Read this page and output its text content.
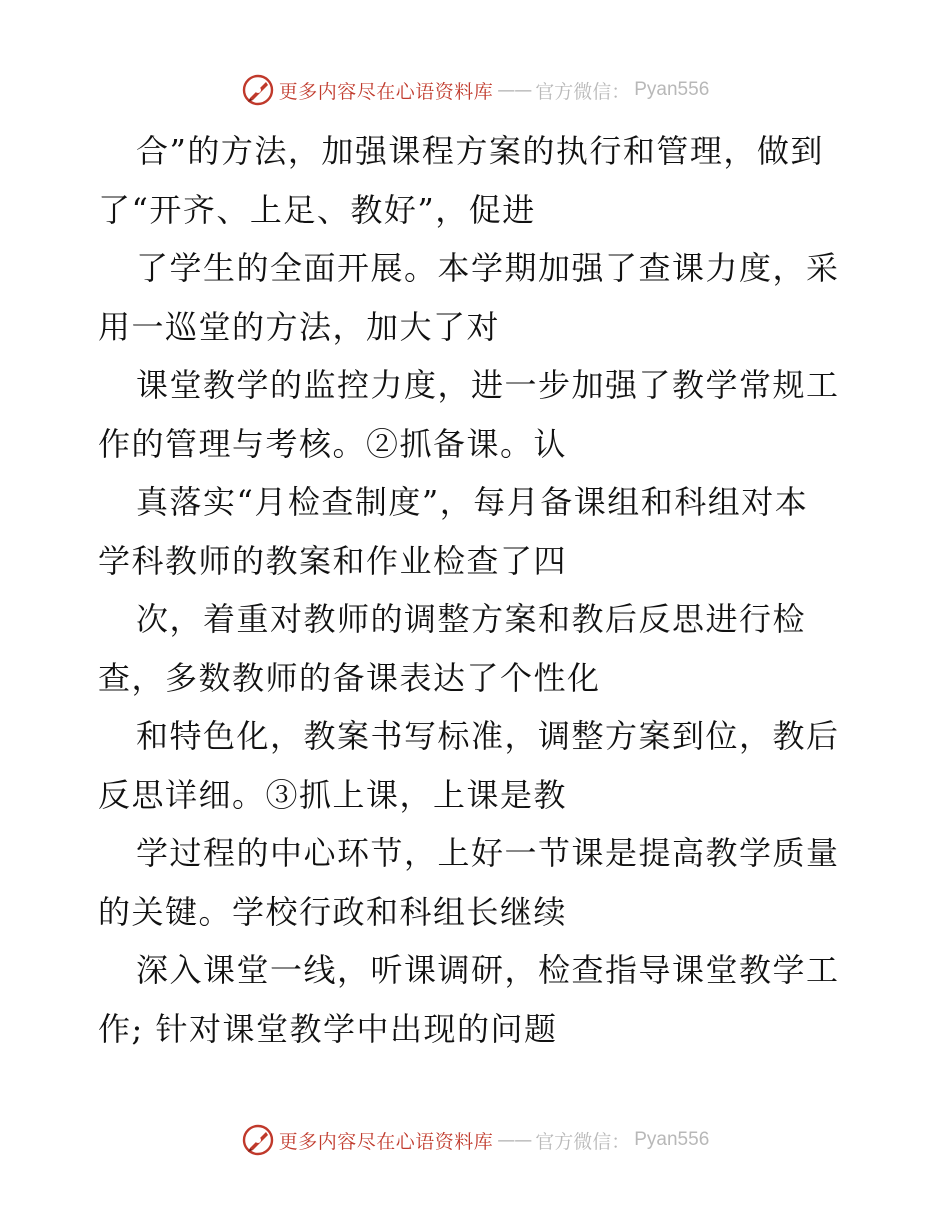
更多内容尽在心语资料库 —— 官方微信： Pyan556
合”的方法，加强课程方案的执行和管理，做到
了“开齐、上足、教好”，促进
了学生的全面开展。本学期加强了查课力度，采
用一巡堂的方法，加大了对
课堂教学的监控力度，进一步加强了教学常规工
作的管理与考核。②抓备课。认
真落实“月检查制度”，每月备课组和科组对本
学科教师的教案和作业检查了四
次，着重对教师的调整方案和教后反思进行检
查，多数教师的备课表达了个性化
和特色化，教案书写标准，调整方案到位，教后
反思详细。③抓上课，上课是教
学过程的中心环节，上好一节课是提高教学质量
的关键。学校行政和科组长继续
深入课堂一线，听课调研，检查指导课堂教学工
作; 针对课堂教学中出现的问题
更多内容尽在心语资料库 —— 官方微信： Pyan556
